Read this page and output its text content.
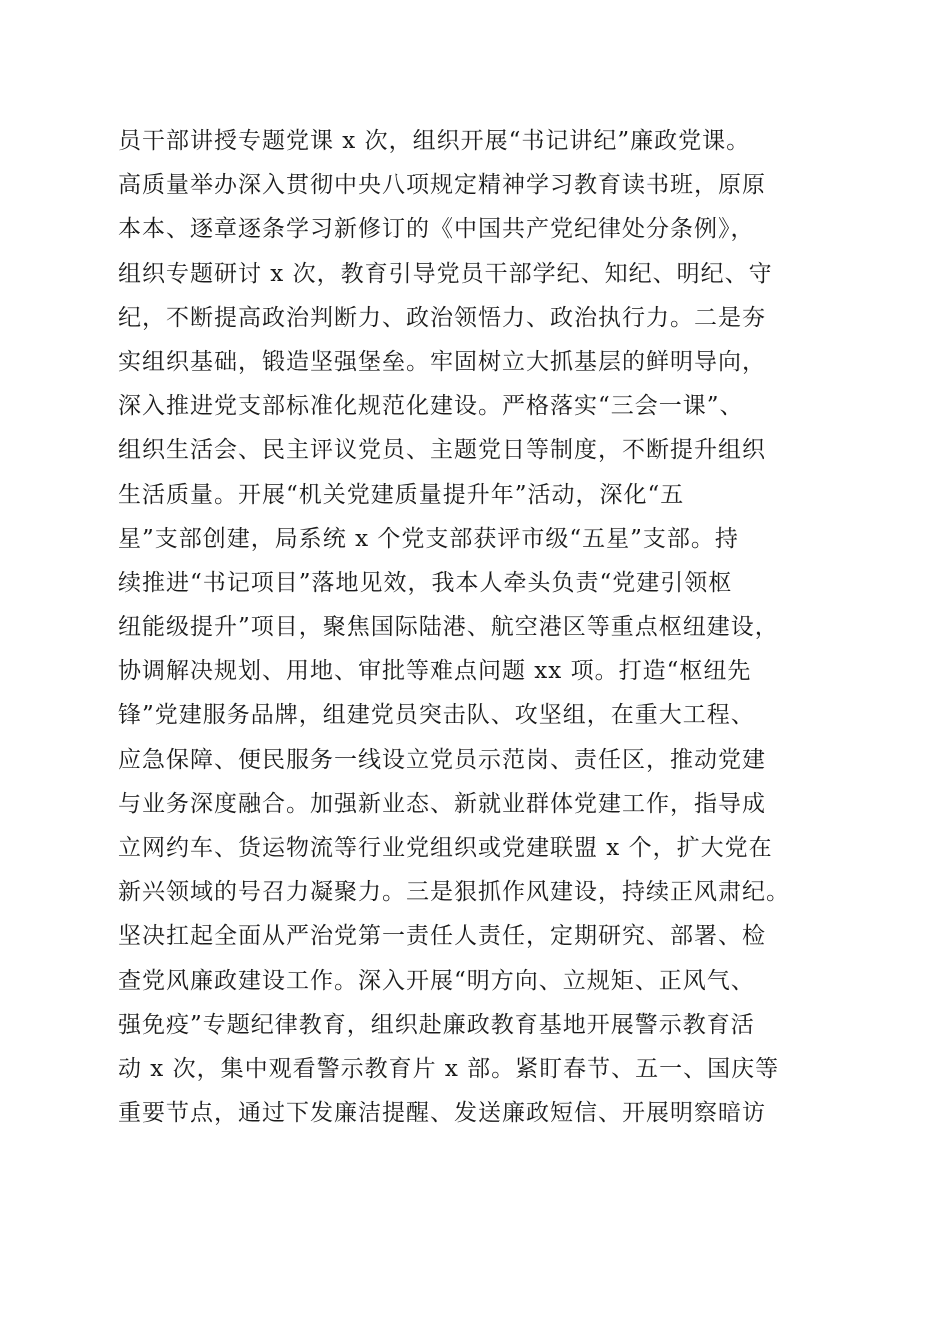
员干部讲授专题党课 x 次，组织开展“书记讲纪”廉政党课。
高质量举办深入贯彻中央八项规定精神学习教育读书班，原原
本本、逐章逐条学习新修订的《中国共产党纪律处分条例》，
组织专题研讨 x 次，教育引导党员干部学纪、知纪、明纪、守
纪，不断提高政治判断力、政治领悟力、政治执行力。二是夯
实组织基础，锻造坚强堡垒。牢固树立大抓基层的鲜明导向，
深入推进党支部标准化规范化建设。严格落实“三会一课”、
组织生活会、民主评议党员、主题党日等制度，不断提升组织
生活质量。开展“机关党建质量提升年”活动，深化“五
星”支部创建，局系统 x 个党支部获评市级“五星”支部。持
续推进“书记项目”落地见效，我本人牵头负责“党建引领枢
纽能级提升”项目，聚焦国际陆港、航空港区等重点枢纽建设，
协调解决规划、用地、审批等难点问题 xx 项。打造“枢纽先
锋”党建服务品牌，组建党员突击队、攻坚组，在重大工程、
应急保障、便民服务一线设立党员示范岗、责任区，推动党建
与业务深度融合。加强新业态、新就业群体党建工作，指导成
立网约车、货运物流等行业党组织或党建联盟 x 个，扩大党在
新兴领域的号召力凝聚力。三是狠抓作风建设，持续正风肃纪。
坚决扛起全面从严治党第一责任人责任，定期研究、部署、检
查党风廉政建设工作。深入开展“明方向、立规矩、正风气、
强免疫”专题纪律教育，组织赴廉政教育基地开展警示教育活
动 x 次，集中观看警示教育片 x 部。紧盯春节、五一、国庆等
重要节点，通过下发廉洁提醒、发送廉政短信、开展明察暗访
